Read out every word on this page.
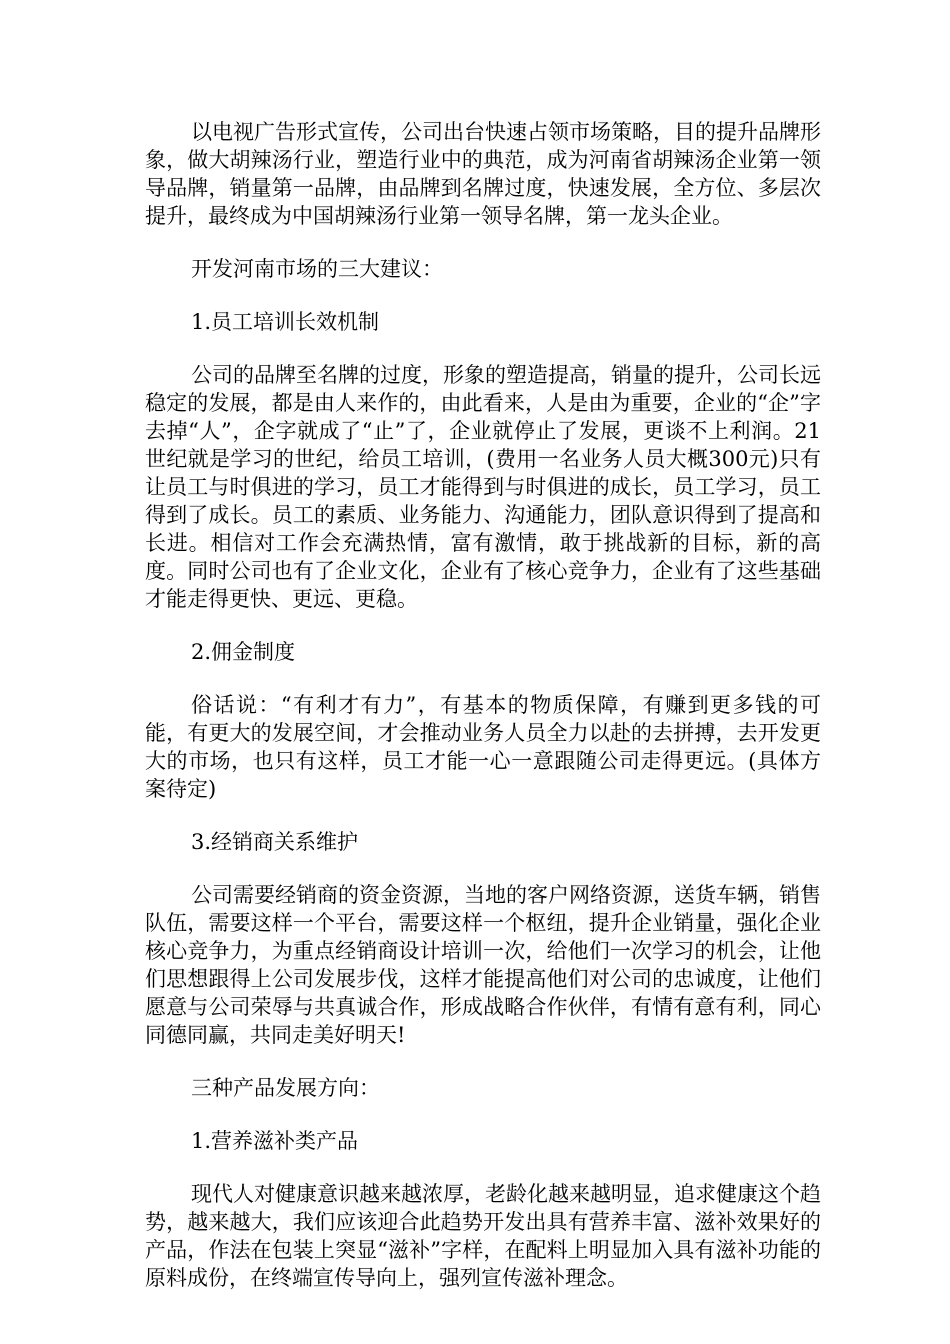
以电视广告形式宣传，公司出台快速占领市场策略，目的提升品牌形象，做大胡辣汤行业，塑造行业中的典范，成为河南省胡辣汤企业第一领导品牌，销量第一品牌，由品牌到名牌过度，快速发展，全方位、多层次提升，最终成为中国胡辣汤行业第一领导名牌，第一龙头企业。

开发河南市场的三大建议：

1.员工培训长效机制

公司的品牌至名牌的过度，形象的塑造提高，销量的提升，公司长远稳定的发展，都是由人来作的，由此看来，人是由为重要，企业的“企”字去掉“人”，企字就成了“止”了，企业就停止了发展，更谈不上利润。21世纪就是学习的世纪，给员工培训，(费用一名业务人员大概300元)只有让员工与时俱进的学习，员工才能得到与时俱进的成长，员工学习，员工得到了成长。员工的素质、业务能力、沟通能力，团队意识得到了提高和长进。相信对工作会充满热情，富有激情，敢于挑战新的目标，新的高度。同时公司也有了企业文化，企业有了核心竞争力，企业有了这些基础才能走得更快、更远、更稳。

2.佣金制度

俗话说：“有利才有力”，有基本的物质保障，有赚到更多钱的可能，有更大的发展空间，才会推动业务人员全力以赴的去拼搏，去开发更大的市场，也只有这样，员工才能一心一意跟随公司走得更远。(具体方案待定)

3.经销商关系维护

公司需要经销商的资金资源，当地的客户网络资源，送货车辆，销售队伍，需要这样一个平台，需要这样一个枢纽，提升企业销量，强化企业核心竞争力，为重点经销商设计培训一次，给他们一次学习的机会，让他们思想跟得上公司发展步伐，这样才能提高他们对公司的忠诚度，让他们愿意与公司荣辱与共真诚合作，形成战略合作伙伴，有情有意有利，同心同德同赢，共同走美好明天!

三种产品发展方向：

1.营养滋补类产品

现代人对健康意识越来越浓厚，老龄化越来越明显，追求健康这个趋势，越来越大，我们应该迎合此趋势开发出具有营养丰富、滋补效果好的产品，作法在包装上突显“滋补”字样，在配料上明显加入具有滋补功能的原料成份，在终端宣传导向上，强列宣传滋补理念。
